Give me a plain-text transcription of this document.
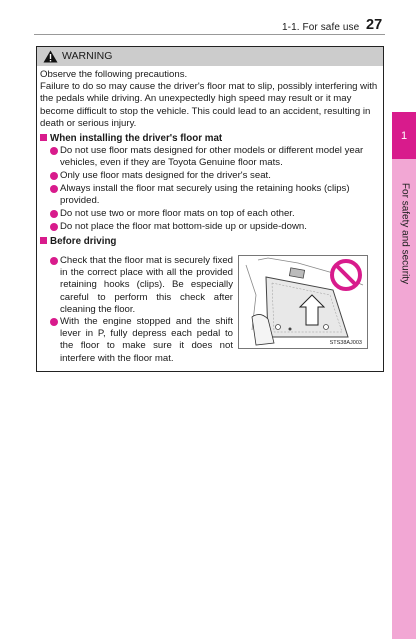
1-1. For safe use 27
1
For safety and security
WARNING
Observe the following precautions.
Failure to do so may cause the driver's floor mat to slip, possibly interfering with the pedals while driving. An unexpectedly high speed may result or it may become difficult to stop the vehicle. This could lead to an accident, resulting in death or serious injury.
When installing the driver's floor mat
Do not use floor mats designed for other models or different model year vehicles, even if they are Toyota Genuine floor mats.
Only use floor mats designed for the driver's seat.
Always install the floor mat securely using the retaining hooks (clips) provided.
Do not use two or more floor mats on top of each other.
Do not place the floor mat bottom-side up or upside-down.
Before driving
Check that the floor mat is securely fixed in the correct place with all the provided retaining hooks (clips). Be especially careful to perform this check after cleaning the floor.
With the engine stopped and the shift lever in P, fully depress each pedal to the floor to make sure it does not interfere with the floor mat.
STS38AJ003
